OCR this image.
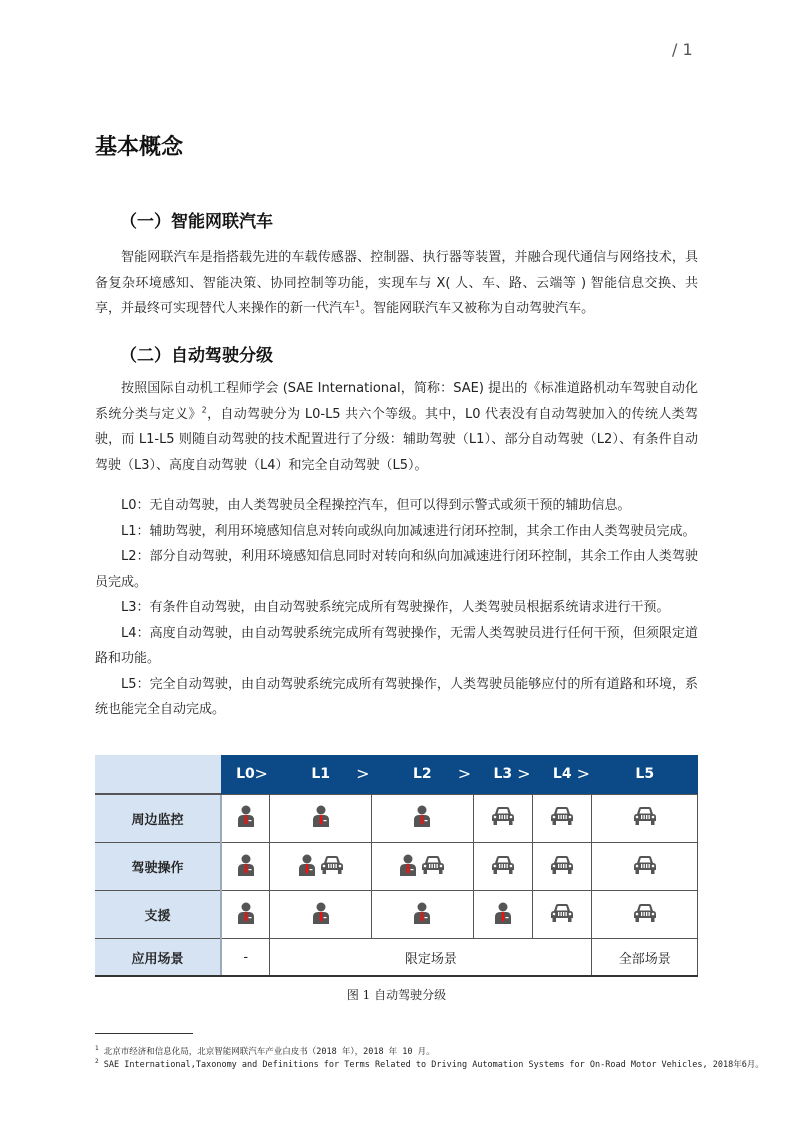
/ 1
基本概念
（一）智能网联汽车
智能网联汽车是指搭载先进的车载传感器、控制器、执行器等装置，并融合现代通信与网络技术，具备复杂环境感知、智能决策、协同控制等功能，实现车与 X( 人、车、路、云端等 ) 智能信息交换、共享，并最终可实现替代人来操作的新一代汽车$^1$。智能网联汽车又被称为自动驾驶汽车。
（二）自动驾驶分级
按照国际自动机工程师学会 (SAE International，简称：SAE) 提出的《标准道路机动车驾驶自动化系统分类与定义》$^2$，自动驾驶分为 L0-L5 共六个等级。其中，L0 代表没有自动驾驶加入的传统人类驾驶，而 L1-L5 则随自动驾驶的技术配置进行了分级：辅助驾驶（L1）、部分自动驾驶（L2）、有条件自动驾驶（L3）、高度自动驾驶（L4）和完全自动驾驶（L5）。

L0：无自动驾驶，由人类驾驶员全程操控汽车，但可以得到示警式或须干预的辅助信息。

L1：辅助驾驶，利用环境感知信息对转向或纵向加减速进行闭环控制，其余工作由人类驾驶员完成。

L2：部分自动驾驶，利用环境感知信息同时对转向和纵向加减速进行闭环控制，其余工作由人类驾驶员完成。

L3：有条件自动驾驶，由自动驾驶系统完成所有驾驶操作，人类驾驶员根据系统请求进行干预。

L4：高度自动驾驶，由自动驾驶系统完成所有驾驶操作，无需人类驾驶员进行任何干预，但须限定道路和功能。

L5：完全自动驾驶，由自动驾驶系统完成所有驾驶操作，人类驾驶员能够应付的所有道路和环境，系统也能完全自动完成。

	L0 >	L1 >	L2 >	L3 >	L4 >	L5
周边监控						
驾驶操作						
支援						
应用场景	-	限定场景				全部场景
图 1 自动驾驶分级
$^1$ 北京市经济和信息化局，北京智能网联汽车产业白皮书（2018 年），2018 年 10 月。
$^2$ SAE International,Taxonomy and Definitions for Terms Related to Driving Automation Systems for On-Road Motor Vehicles, 2018年6月。
